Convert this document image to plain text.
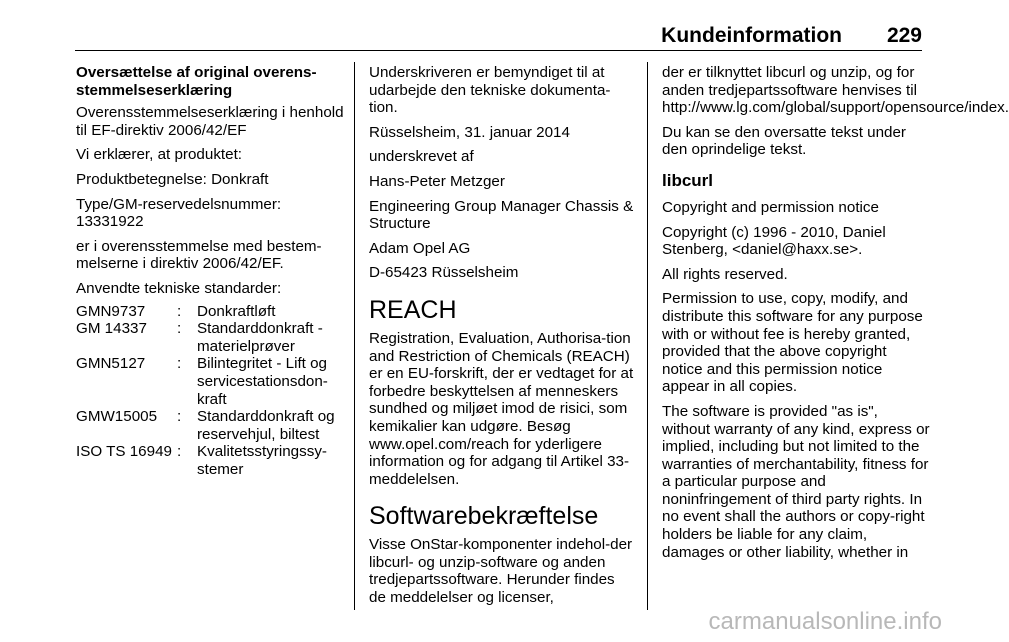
Kundeinformation 229

Oversættelse af original overens-stemmelseserklæring

Overensstemmelseserklæring i henhold til EF-direktiv 2006/42/EF

Vi erklærer, at produktet:

Produktbetegnelse: Donkraft

Type/GM-reservedelsnummer: 13331922

er i overensstemmelse med bestem-melserne i direktiv 2006/42/EF.

Anvendte tekniske standarder:

GMN9737	:	Donkraftløft
GM 14337	:	Standarddonkraft - materielprøver
GMN5127	:	Bilintegritet - Lift og servicestationsdon-kraft
GMW15005	:	Standarddonkraft og reservehjul, biltest
ISO TS 16949 :	Kvalitetsstyringssy-stemer

Underskriveren er bemyndiget til at udarbejde den tekniske dokumenta-tion.

Rüsselsheim, 31. januar 2014

underskrevet af

Hans-Peter Metzger

Engineering Group Manager Chassis & Structure

Adam Opel AG

D-65423 Rüsselsheim

REACH

Registration, Evaluation, Authorisa-tion and Restriction of Chemicals (REACH) er en EU-forskrift, der er vedtaget for at forbedre beskyttelsen af menneskers sundhed og miljøet imod de risici, som kemikalier kan udgøre. Besøg www.opel.com/reach for yderligere information og for adgang til Artikel 33-meddelelsen.

Softwarebekræftelse

Visse OnStar-komponenter indehol-der libcurl- og unzip-software og anden tredjepartssoftware. Herunder findes de meddelelser og licenser,

der er tilknyttet libcurl og unzip, og for anden tredjepartssoftware henvises til http://www.lg.com/global/support/opensource/index.

Du kan se den oversatte tekst under den oprindelige tekst.

libcurl

Copyright and permission notice

Copyright (c) 1996 - 2010, Daniel Stenberg, <daniel@haxx.se>.

All rights reserved.

Permission to use, copy, modify, and distribute this software for any purpose with or without fee is hereby granted, provided that the above copyright notice and this permission notice appear in all copies.

The software is provided "as is", without warranty of any kind, express or implied, including but not limited to the warranties of merchantability, fitness for a particular purpose and noninfringement of third party rights. In no event shall the authors or copy-right holders be liable for any claim, damages or other liability, whether in

carmanualsonline.info
